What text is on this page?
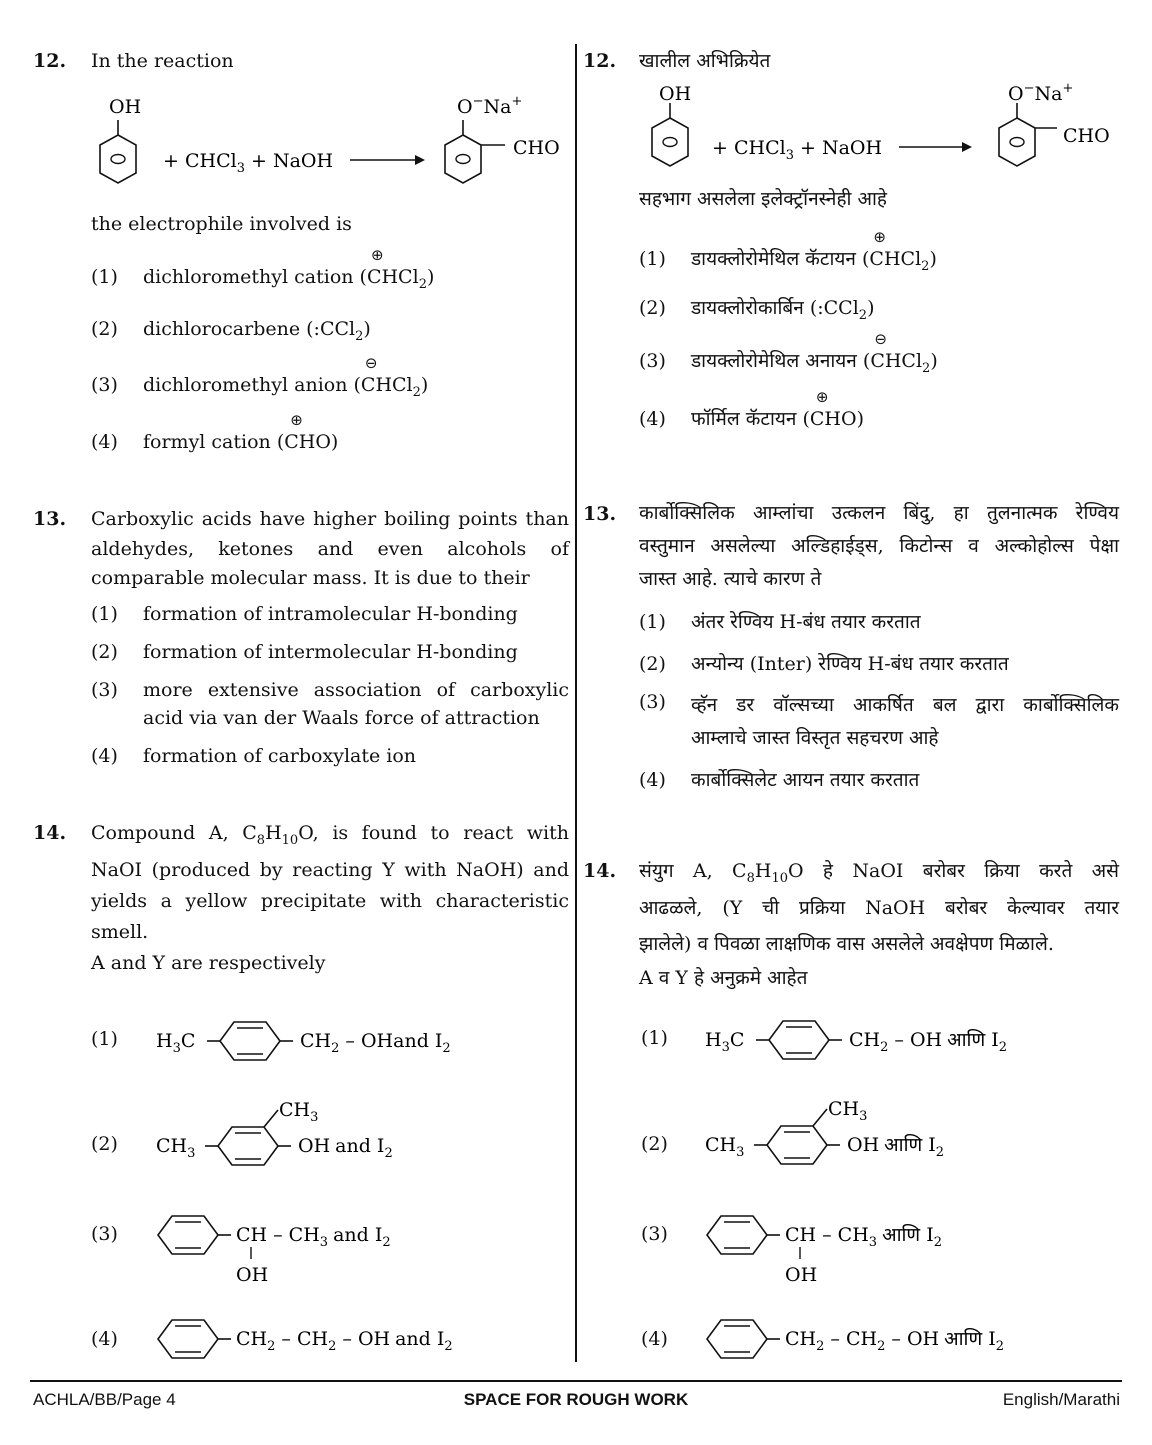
12. In the reaction
OH
+ CHCl$_3$ + NaOH
O−Na+
CHO
the electrophile involved is
(1) dichloromethyl cation (
⊕
CHCl$_2$)
(2) dichlorocarbene (:CCl$_2$)
(3) dichloromethyl anion (
⊖
CHCl$_2$)
(4) formyl cation (
⊕
CHO)
13. Carboxylic acids have higher boiling points than
aldehydes, ketones and even alcohols of
comparable molecular mass. It is due to their
(1) formation of intramolecular H-bonding
(2) formation of intermolecular H-bonding
(3)	more extensive association of carboxylic
acid via van der Waals force of attraction
(4) formation of carboxylate ion
14. Compound A, $C_8H_{10}O$, is found to react with
NaOI (produced by reacting Y with NaOH) and
yields a yellow precipitate with characteristic
smell.
A and Y are respectively
(1) $H_3C$	$CH_2$ – OHand $I_2$
(2) $CH_3$
$CH_3$
OH and $I_2$
(3)	CH – $CH_3$ and $I_2$
OH
(4)	$CH_2 - CH_2$ – OH and $I_2$
12. खालील अभिक्रियेत
OH
+ CHCl$_3$ + NaOH
O−Na+
CHO
सहभाग असलेला इलेक्ट्रॉनस्नेही आहे
(1) डायक्लोरोमेथिल कॅटायन (
⊕
CHCl$_2$)
(2) डायक्लोरोकार्बिन (:CCl$_2$)
(3) डायक्लोरोमेथिल अनायन (
⊖
CHCl$_2$)
(4) फॉर्मिल कॅटायन (
⊕
CHO)
13. कार्बोक्सिलिक आम्लांचा उत्कलन बिंदु, हा तुलनात्मक रेण्विय
वस्तुमान असलेल्या अल्डिहाईड्स, किटोन्स व अल्कोहोल्स पेक्षा
जास्त आहे. त्याचे कारण ते
(1) अंतर रेण्विय H-बंध तयार करतात
(2) अन्योन्य (Inter) रेण्विय H-बंध तयार करतात
(3)	व्हॅन डर वॉल्सच्या आकर्षित बल द्वारा कार्बोक्सिलिक
आम्लाचे जास्त विस्तृत सहचरण आहे
(4) कार्बोक्सिलेट आयन तयार करतात
14. संयुग A, $C_8H_{10}O$ हे NaOI बरोबर क्रिया करते असे
आढळले, (Y ची प्रक्रिया NaOH बरोबर केल्यावर तयार
झालेले) व पिवळा लाक्षणिक वास असलेले अवक्षेपण मिळाले.
A व Y हे अनुक्रमे आहेत
(1) $H_3C$	$CH_2$ – OH आणि $I_2$
(2) $CH_3$
$CH_3$
OH आणि $I_2$
(3)	CH – $CH_3$ आणि $I_2$
OH
(4)	$CH_2 - CH_2$ – OH आणि $I_2$
ACHLA/BB/Page 4	SPACE FOR ROUGH WORK	English/Marathi
